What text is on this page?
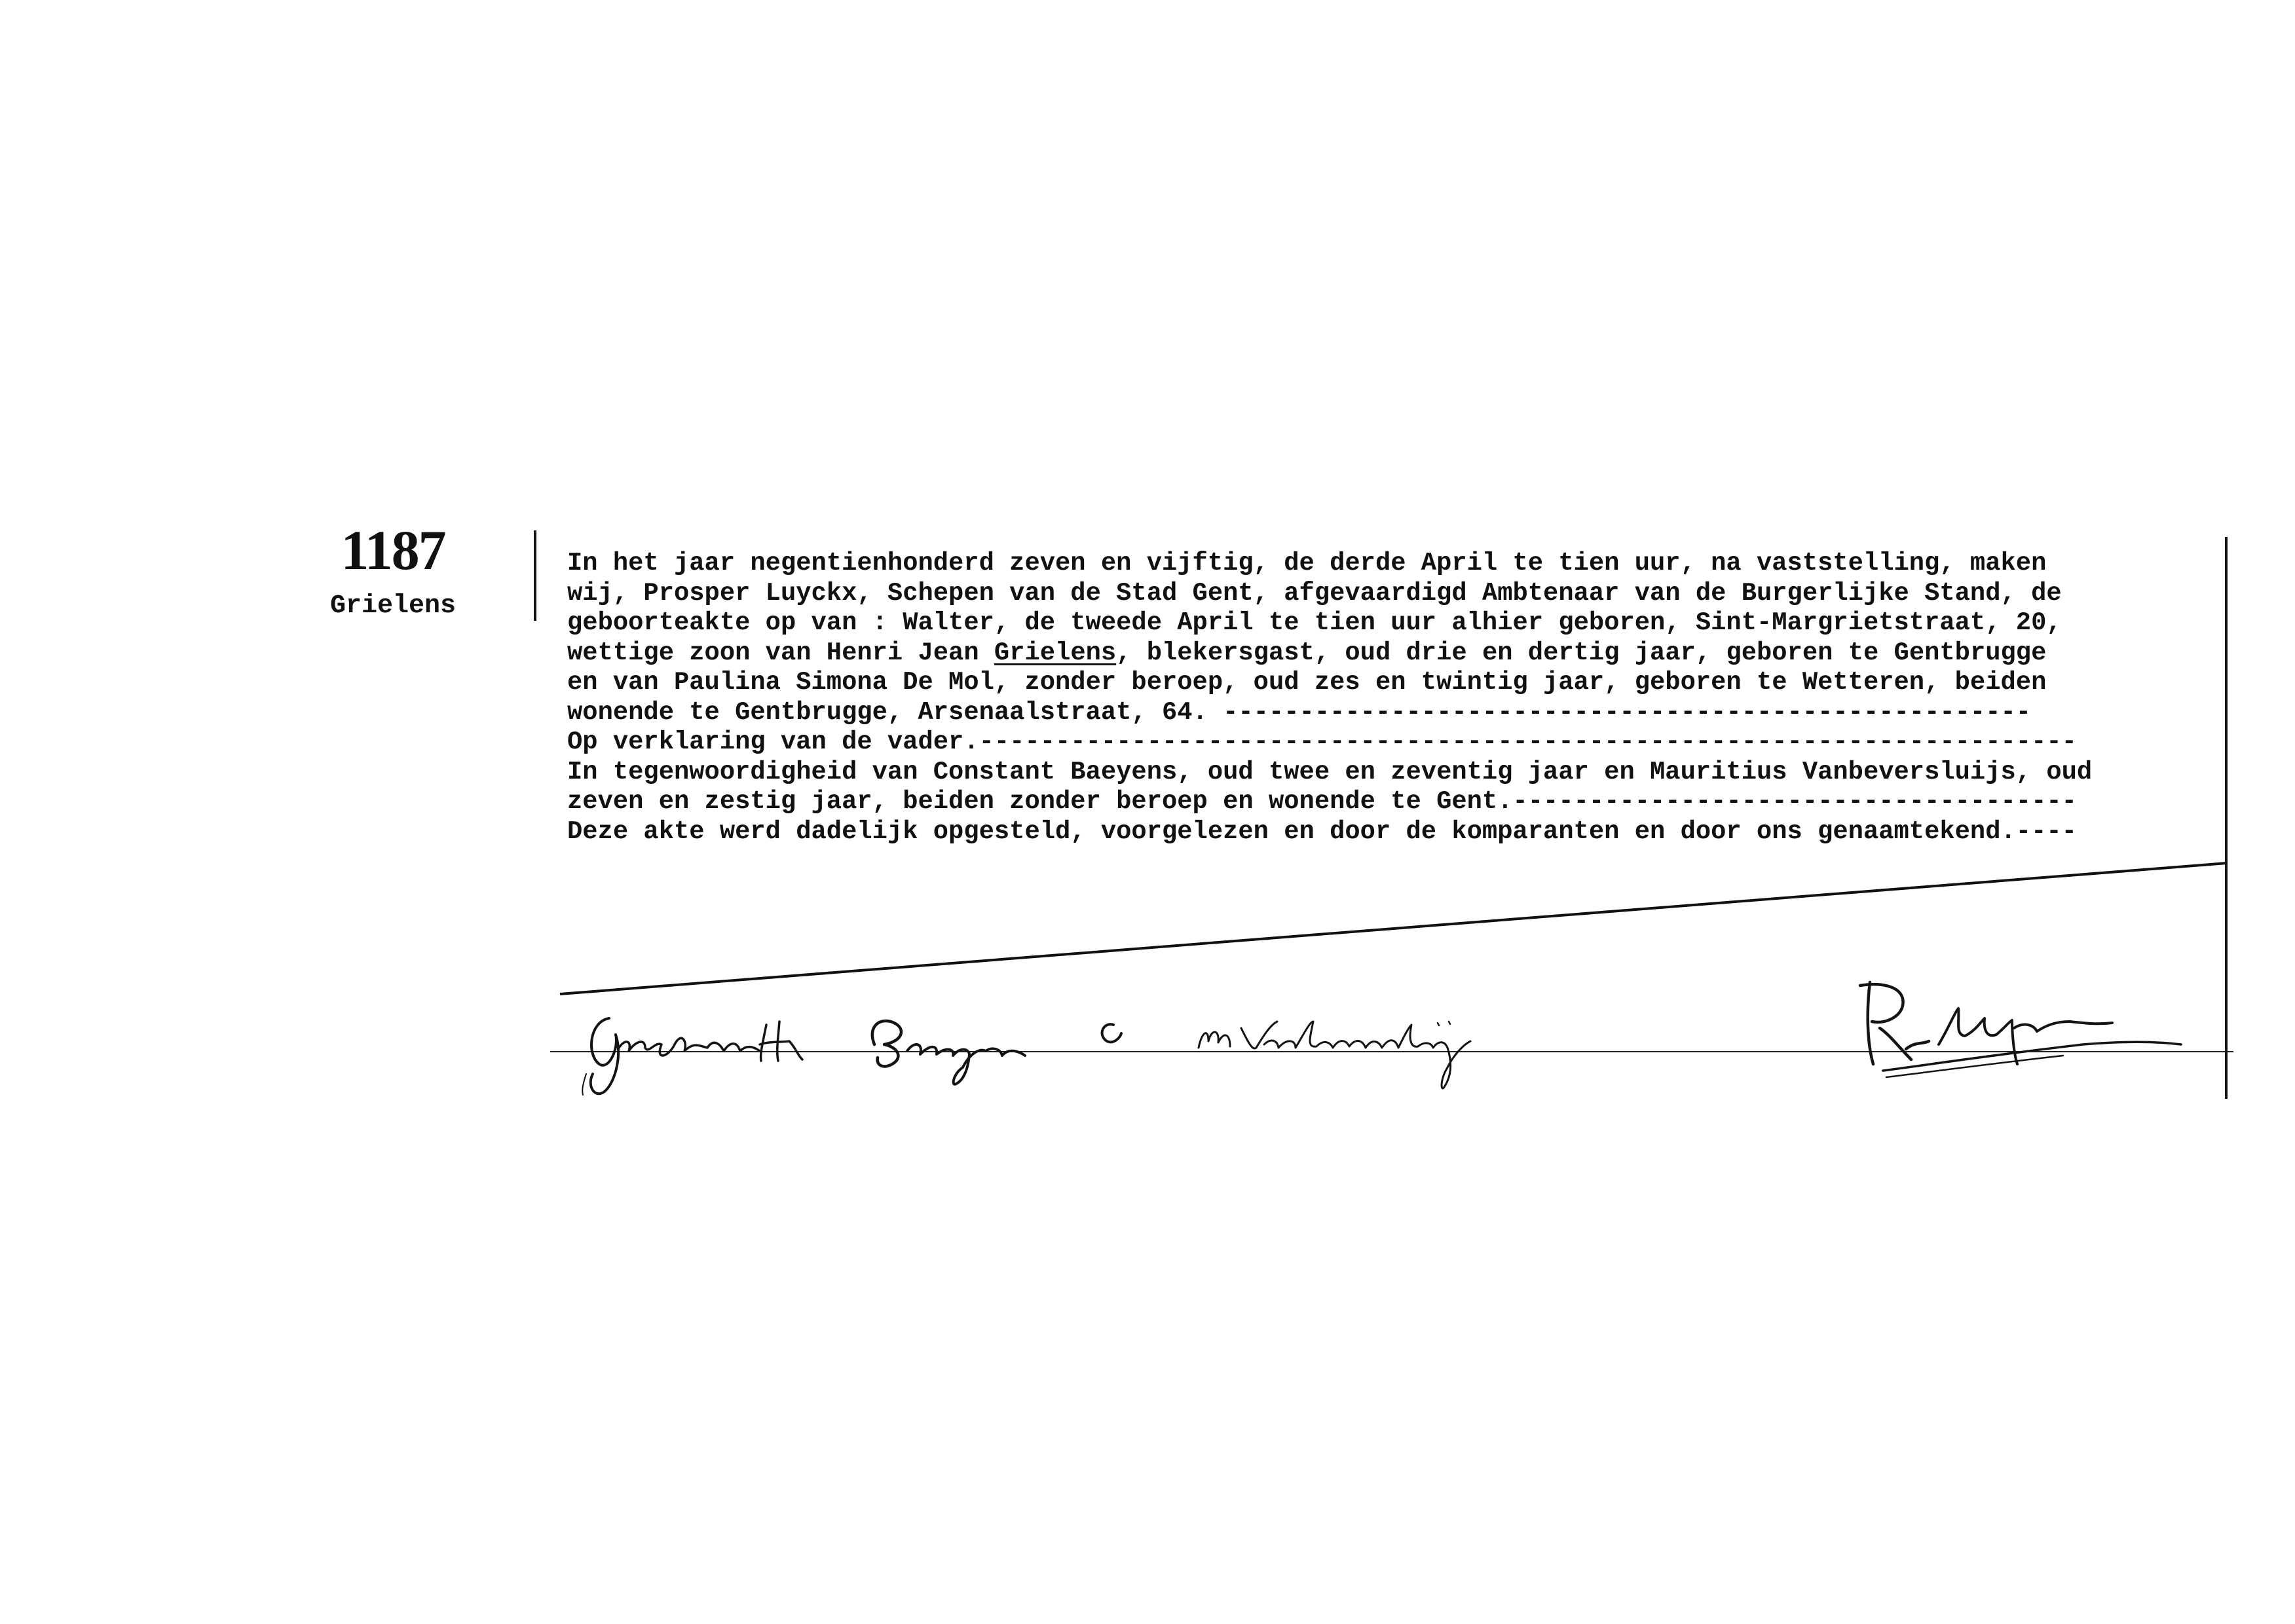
1187
Grielens
In het jaar negentienhonderd zeven en vijftig, de derde April te tien uur, na vaststelling, maken
wij, Prosper Luyckx, Schepen van de Stad Gent, afgevaardigd Ambtenaar van de Burgerlijke Stand, de
geboorteakte op van : Walter, de tweede April te tien uur alhier geboren, Sint-Margrietstraat, 20,
wettige zoon van Henri Jean Grielens, blekersgast, oud drie en dertig jaar, geboren te Gentbrugge
en van Paulina Simona De Mol, zonder beroep, oud zes en twintig jaar, geboren te Wetteren, beiden
wonende te Gentbrugge, Arsenaalstraat, 64. -----------------------------------------------------
Op verklaring van de vader.------------------------------------------------------------------------
In tegenwoordigheid van Constant Baeyens, oud twee en zeventig jaar en Mauritius Vanbeversluijs, oud
zeven en zestig jaar, beiden zonder beroep en wonende te Gent.-------------------------------------
Deze akte werd dadelijk opgesteld, voorgelezen en door de komparanten en door ons genaamtekend.----
